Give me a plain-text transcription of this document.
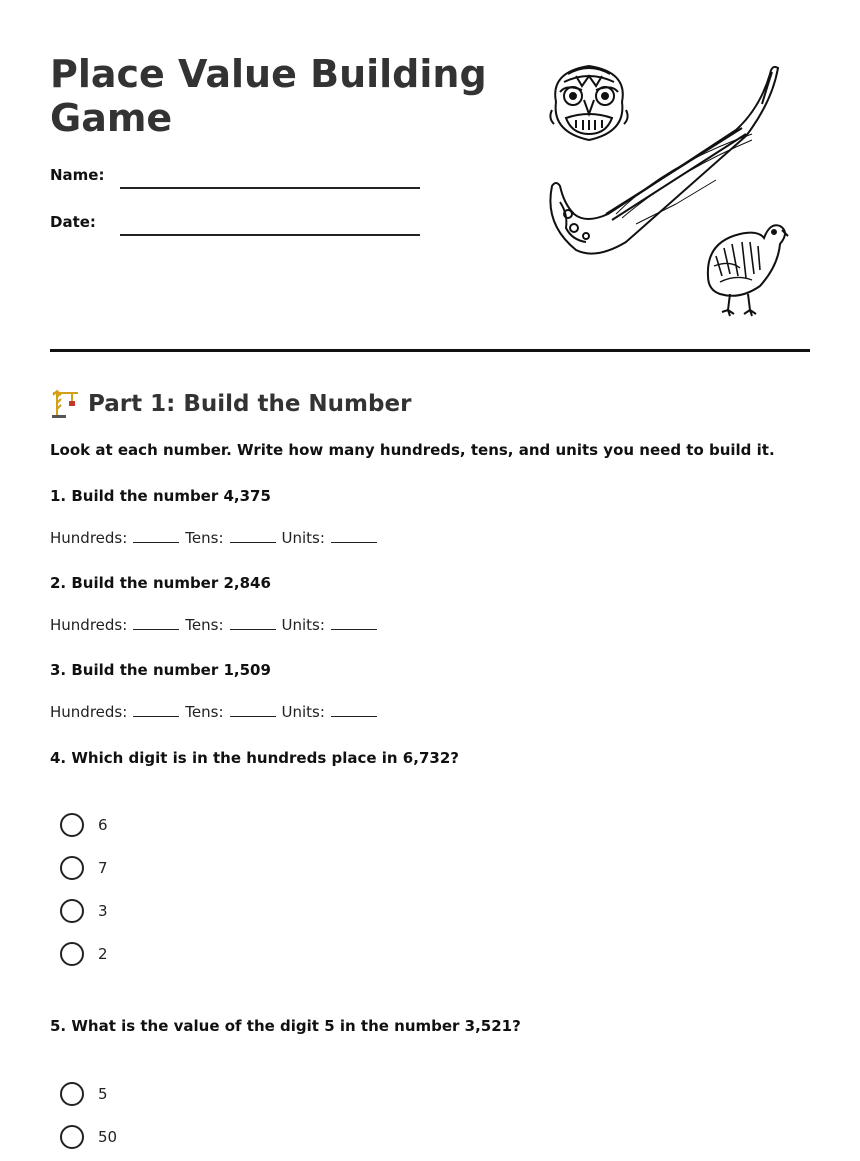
Place Value Building Game
Name:
Date:
Part 1: Build the Number
Look at each number. Write how many hundreds, tens, and units you need to build it.
1. Build the number 4,375
Hundreds:	Tens:	Units:
2. Build the number 2,846
Hundreds:	Tens:	Units:
3. Build the number 1,509
Hundreds:	Tens:	Units:
4. Which digit is in the hundreds place in 6,732?
6
7
3
2
5. What is the value of the digit 5 in the number 3,521?
5
50
